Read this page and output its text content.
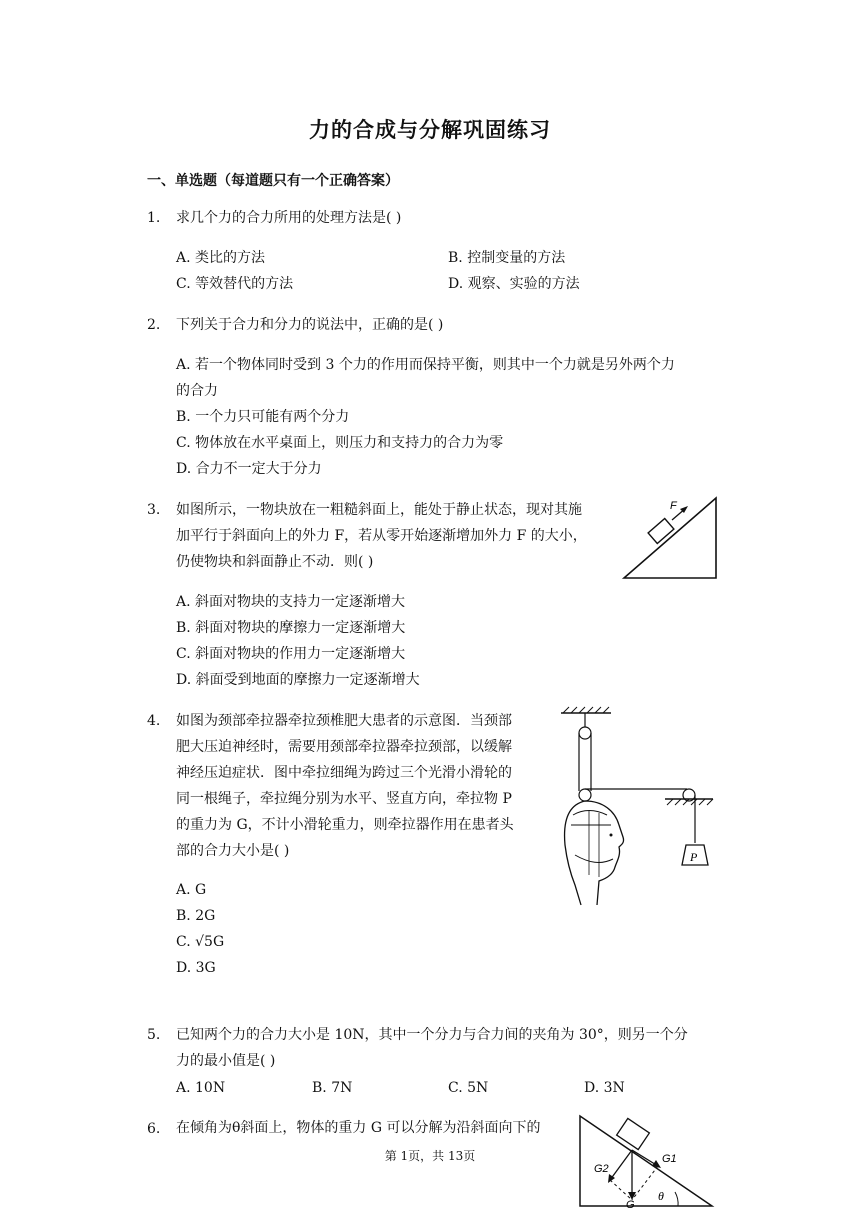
力的合成与分解巩固练习
一、单选题（每道题只有一个正确答案）
1. 求几个力的合力所用的处理方法是( )
A. 类比的方法	B. 控制变量的方法
C. 等效替代的方法	D. 观察、实验的方法
2. 下列关于合力和分力的说法中，正确的是( )
A. 若一个物体同时受到 3 个力的作用而保持平衡，则其中一个力就是另外两个力
的合力
B. 一个力只可能有两个分力
C. 物体放在水平桌面上，则压力和支持力的合力为零
D. 合力不一定大于分力
3. 如图所示，一物块放在一粗糙斜面上，能处于静止状态，现对其施
加平行于斜面向上的外力 F，若从零开始逐渐增加外力 F 的大小，
仍使物块和斜面静止不动．则( )
F
A. 斜面对物块的支持力一定逐渐增大
B. 斜面对物块的摩擦力一定逐渐增大
C. 斜面对物块的作用力一定逐渐增大
D. 斜面受到地面的摩擦力一定逐渐增大
4. 如图为颈部牵拉器牵拉颈椎肥大患者的示意图．当颈部
肥大压迫神经时，需要用颈部牵拉器牵拉颈部，以缓解
神经压迫症状．图中牵拉细绳为跨过三个光滑小滑轮的
同一根绳子，牵拉绳分别为水平、竖直方向，牵拉物 P
的重力为 G，不计小滑轮重力，则牵拉器作用在患者头
部的合力大小是( )	P
A. G
B. 2G
C. √5G
D. 3G
5. 已知两个力的合力大小是 10N，其中一个分力与合力间的夹角为 30°，则另一个分
力的最小值是( )
A. 10N	B. 7N	C. 5N	D. 3N
6. 在倾角为θ斜面上，物体的重力 G 可以分解为沿斜面向下的
G1
G2
G
θ
第 1页，共 13页
